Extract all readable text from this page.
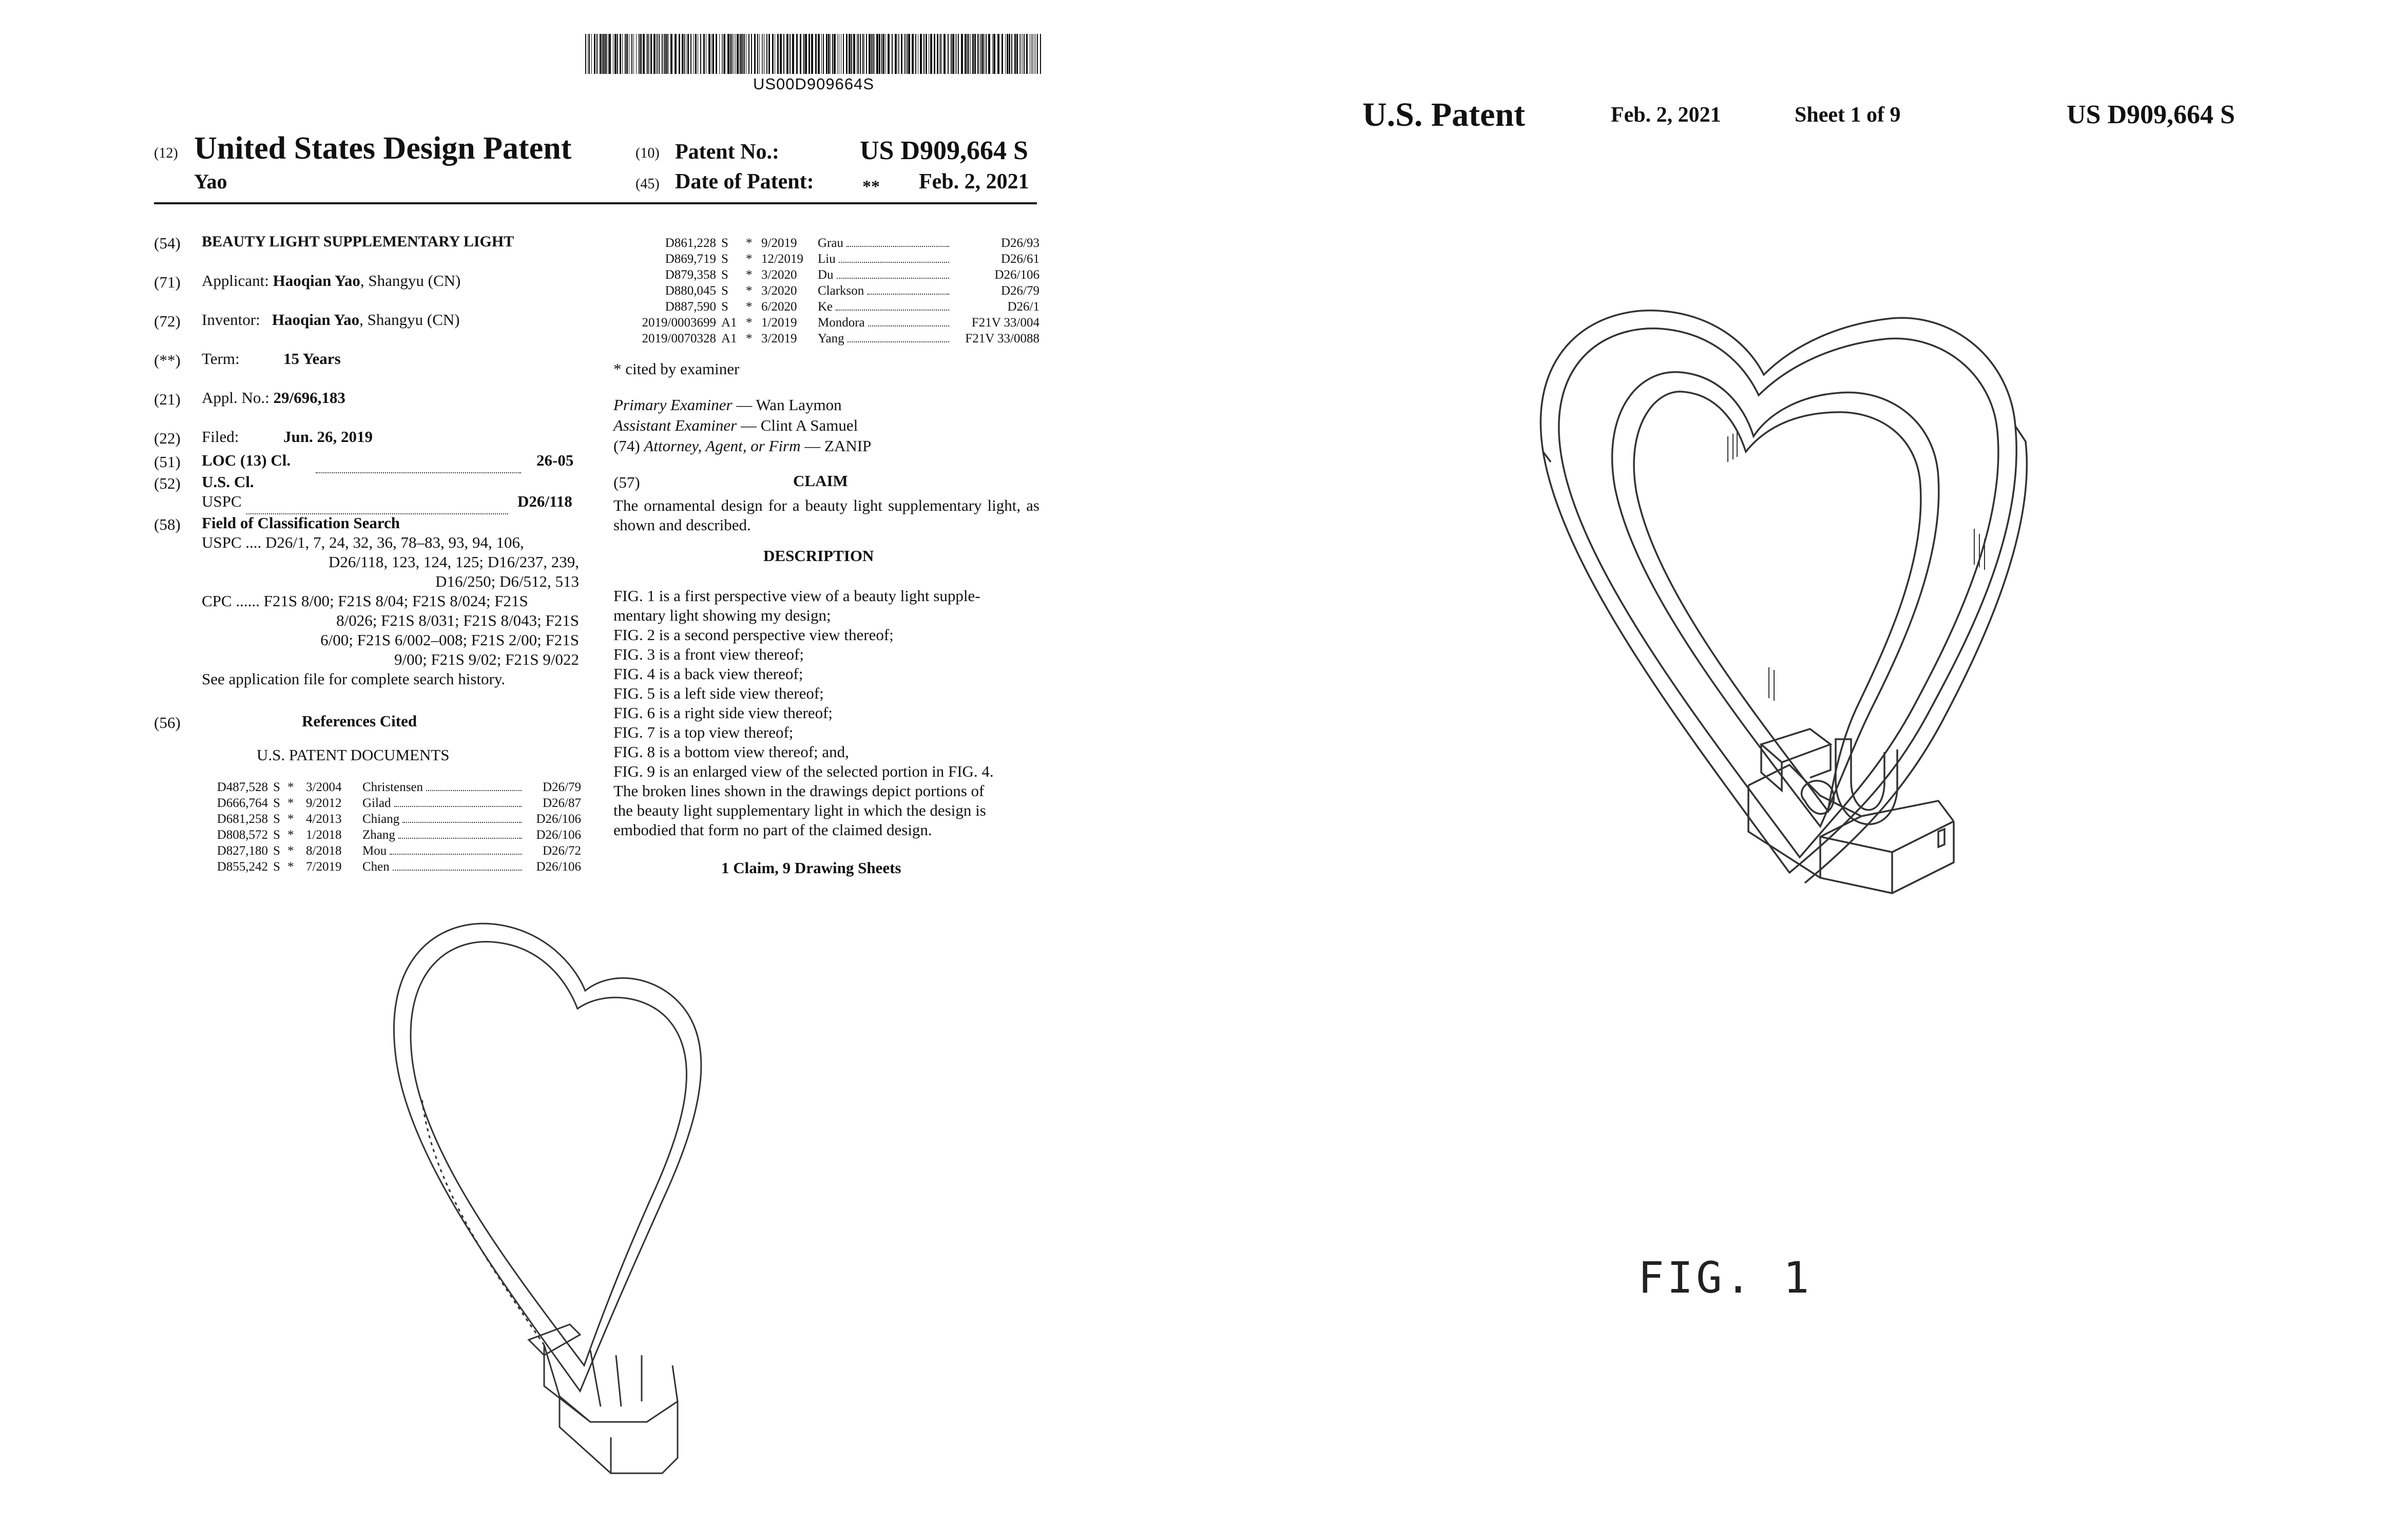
US00D909664S
(12) United States Design Patent
Yao
(10) Patent No.:	US D909,664 S
(45) Date of Patent:	** Feb. 2, 2021
(54) BEAUTY LIGHT SUPPLEMENTARY LIGHT
(71) Applicant: Haoqian Yao, Shangyu (CN)
(72) Inventor: Haoqian Yao, Shangyu (CN)
(**) Term:	15 Years
(21) Appl. No.: 29/696,183
(22) Filed:	Jun. 26, 2019
(51) LOC (13) Cl.	26-05
(52) U.S. Cl.
USPC	D26/118
(58) Field of Classification Search
USPC .... D26/1, 7, 24, 32, 36, 78–83, 93, 94, 106,
D26/118, 123, 124, 125; D16/237, 239,
D16/250; D6/512, 513
CPC ...... F21S 8/00; F21S 8/04; F21S 8/024; F21S
8/026; F21S 8/031; F21S 8/043; F21S
6/00; F21S 6/002–008; F21S 2/00; F21S
9/00; F21S 9/02; F21S 9/022
See application file for complete search history.
(56)	References Cited
U.S. PATENT DOCUMENTS
D487,528	S	*	3/2004	Christensen	D26/79
D666,764	S	*	9/2012	Gilad	D26/87
D681,258	S	*	4/2013	Chiang	D26/106
D808,572	S	*	1/2018	Zhang	D26/106
D827,180	S	*	8/2018	Mou	D26/72
D855,242	S	*	7/2019	Chen	D26/106
D861,228	S	*	9/2019	Grau	D26/93
D869,719	S	*	12/2019	Liu	D26/61
D879,358	S	*	3/2020	Du	D26/106
D880,045	S	*	3/2020	Clarkson	D26/79
D887,590	S	*	6/2020	Ke	D26/1
2019/0003699	A1	*	1/2019	Mondora	F21V 33/004
2019/0070328	A1	*	3/2019	Yang	F21V 33/0088
* cited by examiner
Primary Examiner — Wan Laymon
Assistant Examiner — Clint A Samuel
(74) Attorney, Agent, or Firm — ZANIP
(57)	CLAIM
The ornamental design for a beauty light supplementary light, as shown and described.
DESCRIPTION

FIG. 1 is a first perspective view of a beauty light supple-

mentary light showing my design;

FIG. 2 is a second perspective view thereof;

FIG. 3 is a front view thereof;

FIG. 4 is a back view thereof;

FIG. 5 is a left side view thereof;

FIG. 6 is a right side view thereof;

FIG. 7 is a top view thereof;

FIG. 8 is a bottom view thereof; and,

FIG. 9 is an enlarged view of the selected portion in FIG. 4.

The broken lines shown in the drawings depict portions of

the beauty light supplementary light in which the design is

embodied that form no part of the claimed design.

1 Claim, 9 Drawing Sheets
U.S. Patent	Feb. 2, 2021	Sheet 1 of 9	US D909,664 S
FIG. 1
